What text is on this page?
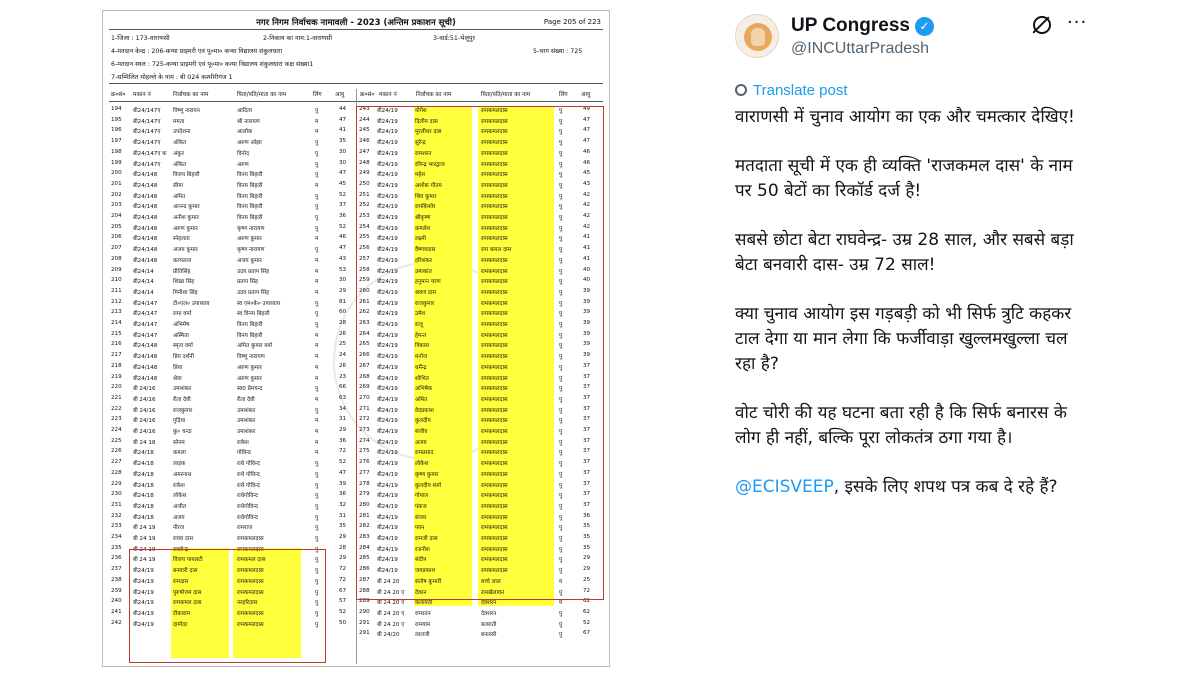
नगर निगम निर्वाचक नामावली - 2023 (अन्तिम प्रकाशन सूची)	Page 205 of 223
1-जिला : 173-वाराणसी	2-निकाय का नाम:1-वाराणसी	3-वार्ड:51-भेलूपुर
4-मतदान केन्द्र : 206-कन्या प्राइमरी एवं पू०मा० कन्या विद्यालय शंकुलधारा	5-भाग संख्या : 725
6-मतदान स्थल : 725-कन्या प्राइमरी एवं पू०मा० कन्या विद्यालय शंकुलधारा कक्ष संख्या1
7-सम्मिलित मोहल्ले के नाम : बी 024 कश्मीरीगंज 1
क्र०सं० मकान नं	निर्वाचक का नाम	पिता/पति/माता का नाम	लिंग आयु	क्र०सं० मकान नं	निर्वाचक का नाम	पिता/पति/माता का नाम	लिंग आयु
194 बी24/147ए विष्णु नारायन	आदित्य	पु	44
195 बी24/147ए ममता	श्री नारायण	म	47
196 बी24/147ए उपदेशना	आलोक	म	41
197 बी24/147ए अंकित	अरुण ओझा	पु	35
198 बी24/147ए क अंकुर	विनोद	पु	30
199 बी24/147ए अंकित	अरुण	पु	30
200 बी24/148	विजय बिहारी	विनय बिहारी	पु	47
201 बी24/148	सीमा	विनय बिहारी	म	45
202 बी24/148	अमित	विनय बिहारी	पु	52
203 बी24/148	आनन्द कुमार	विनय बिहारी	पु	37
204 बी24/148	अनीश कुमार	विनय बिहारी	पु	36
205 बी24/148	अरुण कुमार	कृष्ण नारायण	पु	52
206 बी24/148	स्नेहलता	अरुण कुमार	म	46
207 बी24/148	अजय कुमार	कृष्ण नारायण	पु	47
208 बी24/148	कल्पलता	अजय कुमार	म	43
209 बी24/14	प्रीतिसिंह	उदय प्रताप सिंह	म	53
210 बी24/14	शिखा सिंह	प्रताप सिंह	म	30
211 बी24/14	मिनीशा सिंह	उदय प्रताप सिंह	म	29
212 बी24/147	टी०एल० उपाध्याय	स्व एम०के० उपाध्याय	पु	81
213 बी24/147	रामा वर्मा	स्व विनय बिहारी	पु	60
214 बी24/147	अभिमेष	विनय बिहारी	पु	28
215 बी24/147	अस्मिता	विनय बिहारी	म	26
216 बी24/148	स्मृता वर्मा	अमित कुमार वर्मा	म	25
217 बी24/148	प्रिय दर्शनी	विष्णु नारायण	म	24
218 बी24/148	प्रिया	अरुण कुमार	म	26
219 बी24/148	श्रेया	अरुण कुमार	म	23
220 बी 24/16	उमाशंकर	स्व0 प्रेमचन्द	पु	66
221 बी 24/16	रीता देवी	रीता देवी	म	63
222 बी 24/16	राजकुमार	उमाशंकर	पु	34
223 बी 24/16	गुड़िया	उमाशंकर	म	31
224 बी 24/16	कु० चन्दा	उमाशंकर	म	29
225 बी 24 18	सोनम	राकेश	म	36
226 बी24/18	कमला	गोविन्द	म	72
227 बी24/18	लाइक	राधे गोविन्द	पु	52
228 बी24/18	अमरनाथ	राधे गोविन्द	पु	47
229 बी24/18	राकेश	राधे गोविन्द	पु	39
230 बी24/18	लोकेश	राधेगोविन्द	पु	36
231 बी24/18	अजीत	राधेगोविन्द	पु	32
232 बी24/18	अजय	राधेगोविन्द	पु	31
233 बी 24 19	नीरज	रामराज	पु	35
234 बी 24 19	राघव दास	रामकमलदास	पु	29
235 बी 24 19	राघवेन्द्र	रामकमलदास	पु	28
236 बी 24 19	विजय पायलटी	रामकमल दास	पु	29
237 बी24/19	बनवारी दास	रामकमलदास	पु	72
238 बी24/19	रामदास	रामकमलदास	पु	72
239 बी24/19	पुरुषोत्तम दास	रामकमलदास	पु	67
240 बी24/19	रामकमल दास	नरहरिदास	पु	57
241 बी24/19	टीकाराम	रामकमलदास	पु	52
242 बी24/19	दामोदर	रामकमलदास	पु	50
243 बी24/19	योगेश	रामकमलदास	पु	49
244 बी24/19	दिलीप दास	रामकमलदास	पु	47
245 बी24/19	मुरलीधर दास	रामकमलदास	पु	47
246 बी24/19	सुरेन्द्र	रामकमलदास	पु	47
247 बी24/19	रामशरन	रामकमलदास	पु	46
248 बी24/19	रविन्द्र भारद्वाज	रामकमलदास	पु	46
249 बी24/19	महेश	रामकमलदास	पु	45
250 बी24/19	अशोक गौतम	रामकमलदास	पु	43
251 बी24/19	शिव कुमार	रामकमलदास	पु	42
252 बी24/19	रामकिशोर	रामकमलदास	पु	42
253 बी24/19	श्रीकृष्ण	रामकमलदास	पु	42
254 बी24/19	कमलेश	रामकमलदास	पु	42
255 बी24/19	लक्ष्मी	रामकमलदास	पु	41
256 बी24/19	वैष्णवदास	राम कमल दास	पु	41
257 बी24/19	हरिशंकर	रामकमलदास	पु	41
258 बी24/19	उमाकांत	रामकमलदास	पु	40
259 बी24/19	हनुमान चरण	रामकमलदास	पु	40
260 बी24/19	श्रवण दास	रामकमलदास	पु	39
261 बी24/19	राजकुमार	रामकमलदास	पु	39
262 बी24/19	उमेश	रामकमलदास	पु	39
263 बी24/19	राजू	रामकमलदास	पु	39
264 बी24/19	हेमन्त	रामकमलदास	पु	39
265 बी24/19	विकास	रामकमलदास	पु	39
266 बी24/19	मनोज	रामकमलदास	पु	39
267 बी24/19	धर्मेन्द्र	रामकमलदास	पु	37
268 बी24/19	शोभित	रामकमलदास	पु	37
269 बी24/19	अभिषेक	रामकमलदास	पु	37
270 बी24/19	अमित	रामकमलदास	पु	37
271 बी24/19	वेदप्रकाश	रामकमलदास	पु	37
272 बी24/19	कुलदीप	रामकमलदास	पु	37
273 बी24/19	संजीव	रामकमलदास	पु	37
274 बी24/19	अजय	रामकमलदास	पु	37
275 बी24/19	रामप्रसाद	रामकमलदास	पु	37
276 बी24/19	लोकेश	रामकमलदास	पु	37
277 बी24/19	कृष्ण कुमार	रामकमलदास	पु	37
278 बी24/19	कुलदीप शर्मा	रामकमलदास	पु	37
279 बी24/19	गोपाल	रामकमलदास	पु	37
280 बी24/19	पंकज	रामकमलदास	पु	37
281 बी24/19	संजय	रामकमलदास	पु	36
282 बी24/19	पवन	रामकमलदास	पु	35
283 बी24/19	रामजी दास	रामकमलदास	पु	35
284 बी24/19	रजनीश	रामकमलदास	पु	35
285 बी24/19	संदीप	रामकमलदास	पु	29
286 बी24/19	जयप्रकाश	रामकमलदास	पु	29
287 बी 24 20	संतोष कुमारी	बच्चे लाल	म	25
288 बी 24 20 ए देवरन	रामखेलावन	पु	72
289 बी 24 20 ए कलावती	देवशरन	म	62
290 बी 24 20 ए रामरतन	देवशरन	पु	62
291 बी 24 20 ए रामयाम	बलराती	पु	52
291 बी 24/20	लालजी	बनारसी	पु	67
UP Congress ✓
@INCUttarPradesh
···
Translate post

वाराणसी में चुनाव आयोग का एक और चमत्कार देखिए!

मतदाता सूची में एक ही व्यक्ति 'राजकमल दास' के नाम पर 50 बेटों का रिकॉर्ड दर्ज है!

सबसे छोटा बेटा राघवेन्द्र- उम्र 28 साल, और सबसे बड़ा बेटा बनवारी दास- उम्र 72 साल!

क्या चुनाव आयोग इस गड़बड़ी को भी सिर्फ त्रुटि कहकर टाल देगा या मान लेगा कि फर्जीवाड़ा खुल्लमखुल्ला चल रहा है?

वोट चोरी की यह घटना बता रही है कि सिर्फ बनारस के लोग ही नहीं, बल्कि पूरा लोकतंत्र ठगा गया है।

@ECISVEEP, इसके लिए शपथ पत्र कब दे रहे हैं?
